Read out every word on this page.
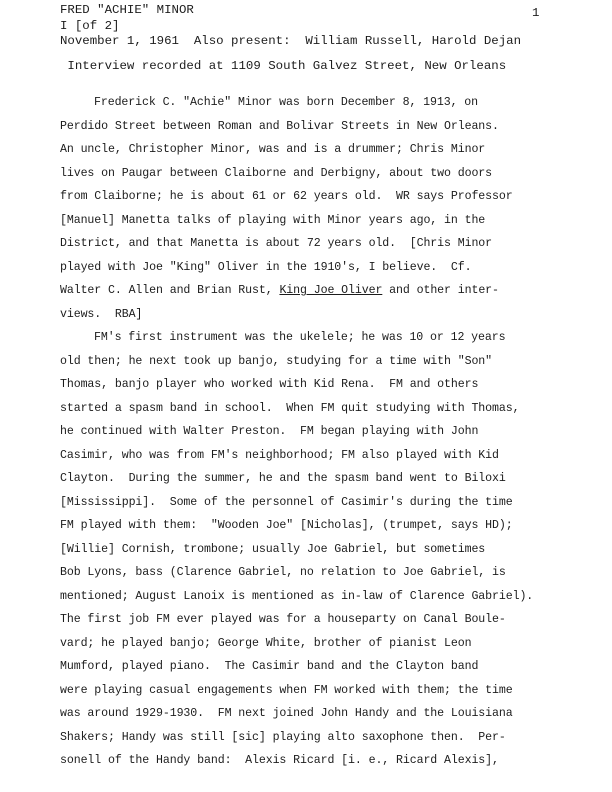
FRED "ACHIE" MINOR
I [of 2]
November 1, 1961  Also present:  William Russell, Harold Dejan
Interview recorded at 1109 South Galvez Street, New Orleans
1
Frederick C. "Achie" Minor was born December 8, 1913, on
Perdido Street between Roman and Bolivar Streets in New Orleans.
An uncle, Christopher Minor, was and is a drummer; Chris Minor
lives on Paugar between Claiborne and Derbigny, about two doors
from Claiborne; he is about 61 or 62 years old.  WR says Professor
[Manuel] Manetta talks of playing with Minor years ago, in the
District, and that Manetta is about 72 years old.  [Chris Minor
played with Joe "King" Oliver in the 1910's, I believe.  Cf.
Walter C. Allen and Brian Rust, King Joe Oliver and other inter-
views.  RBA]
FM's first instrument was the ukelele; he was 10 or 12 years
old then; he next took up banjo, studying for a time with "Son"
Thomas, banjo player who worked with Kid Rena.  FM and others
started a spasm band in school.  When FM quit studying with Thomas,
he continued with Walter Preston.  FM began playing with John
Casimir, who was from FM's neighborhood; FM also played with Kid
Clayton.  During the summer, he and the spasm band went to Biloxi
[Mississippi].  Some of the personnel of Casimir's during the time
FM played with them:  "Wooden Joe" [Nicholas], (trumpet, says HD);
[Willie] Cornish, trombone; usually Joe Gabriel, but sometimes
Bob Lyons, bass (Clarence Gabriel, no relation to Joe Gabriel, is
mentioned; August Lanoix is mentioned as in-law of Clarence Gabriel).
The first job FM ever played was for a houseparty on Canal Boule-
vard; he played banjo; George White, brother of pianist Leon
Mumford, played piano.  The Casimir band and the Clayton band
were playing casual engagements when FM worked with them; the time
was around 1929-1930.  FM next joined John Handy and the Louisiana
Shakers; Handy was still [sic] playing alto saxophone then.  Per-
sonell of the Handy band:  Alexis Ricard [i. e., Ricard Alexis],
